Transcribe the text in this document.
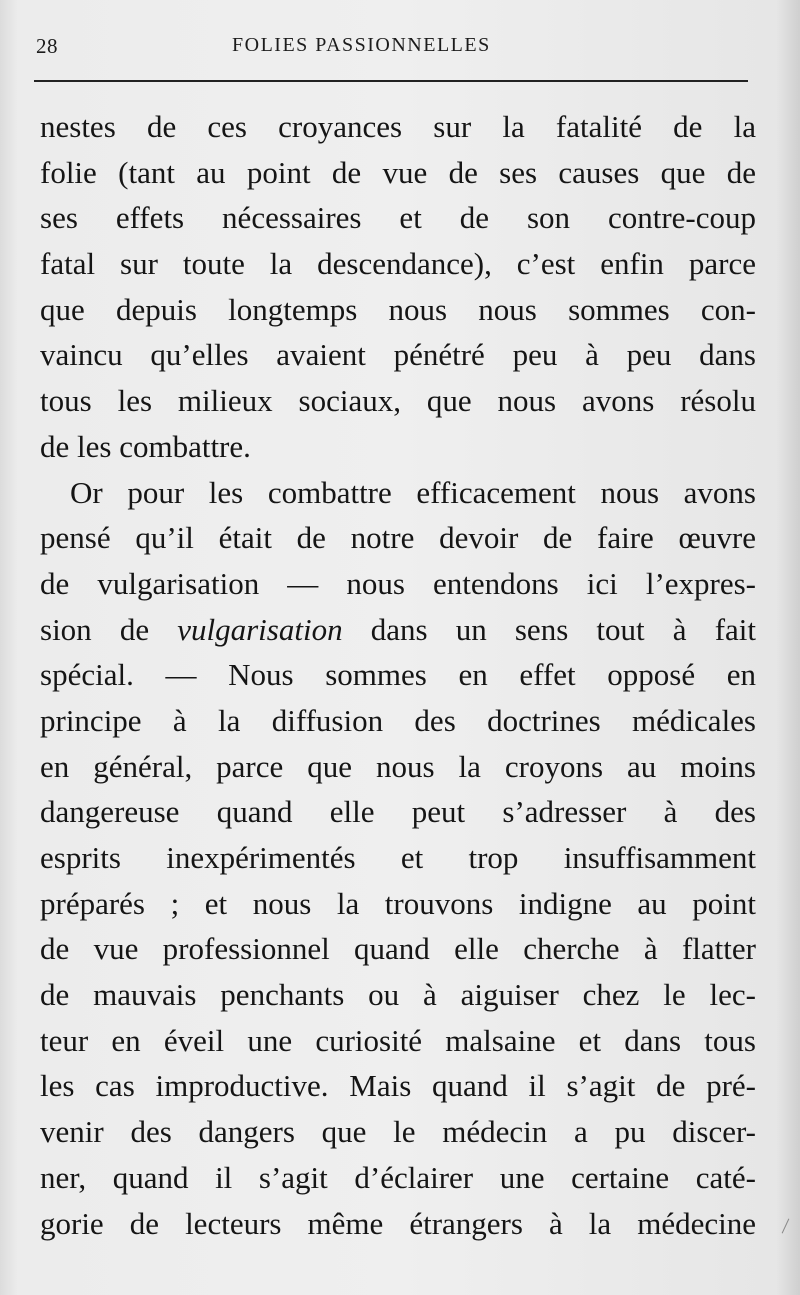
28	FOLIES PASSIONNELLES
nestes de ces croyances sur la fatalité de la
folie (tant au point de vue de ses causes que de
ses effets nécessaires et de son contre-coup
fatal sur toute la descendance), c’est enfin parce
que depuis longtemps nous nous sommes con-
vaincu qu’elles avaient pénétré peu à peu dans
tous les milieux sociaux, que nous avons résolu
de les combattre.
Or pour les combattre efficacement nous avons
pensé qu’il était de notre devoir de faire œuvre
de vulgarisation — nous entendons ici l’expres-
sion de vulgarisation dans un sens tout à fait
spécial. — Nous sommes en effet opposé en
principe à la diffusion des doctrines médicales
en général, parce que nous la croyons au moins
dangereuse quand elle peut s’adresser à des
esprits inexpérimentés et trop insuffisamment
préparés ; et nous la trouvons indigne au point
de vue professionnel quand elle cherche à flatter
de mauvais penchants ou à aiguiser chez le lec-
teur en éveil une curiosité malsaine et dans tous
les cas improductive. Mais quand il s’agit de pré-
venir des dangers que le médecin a pu discer-
ner, quand il s’agit d’éclairer une certaine caté-
gorie de lecteurs même étrangers à la médecine
